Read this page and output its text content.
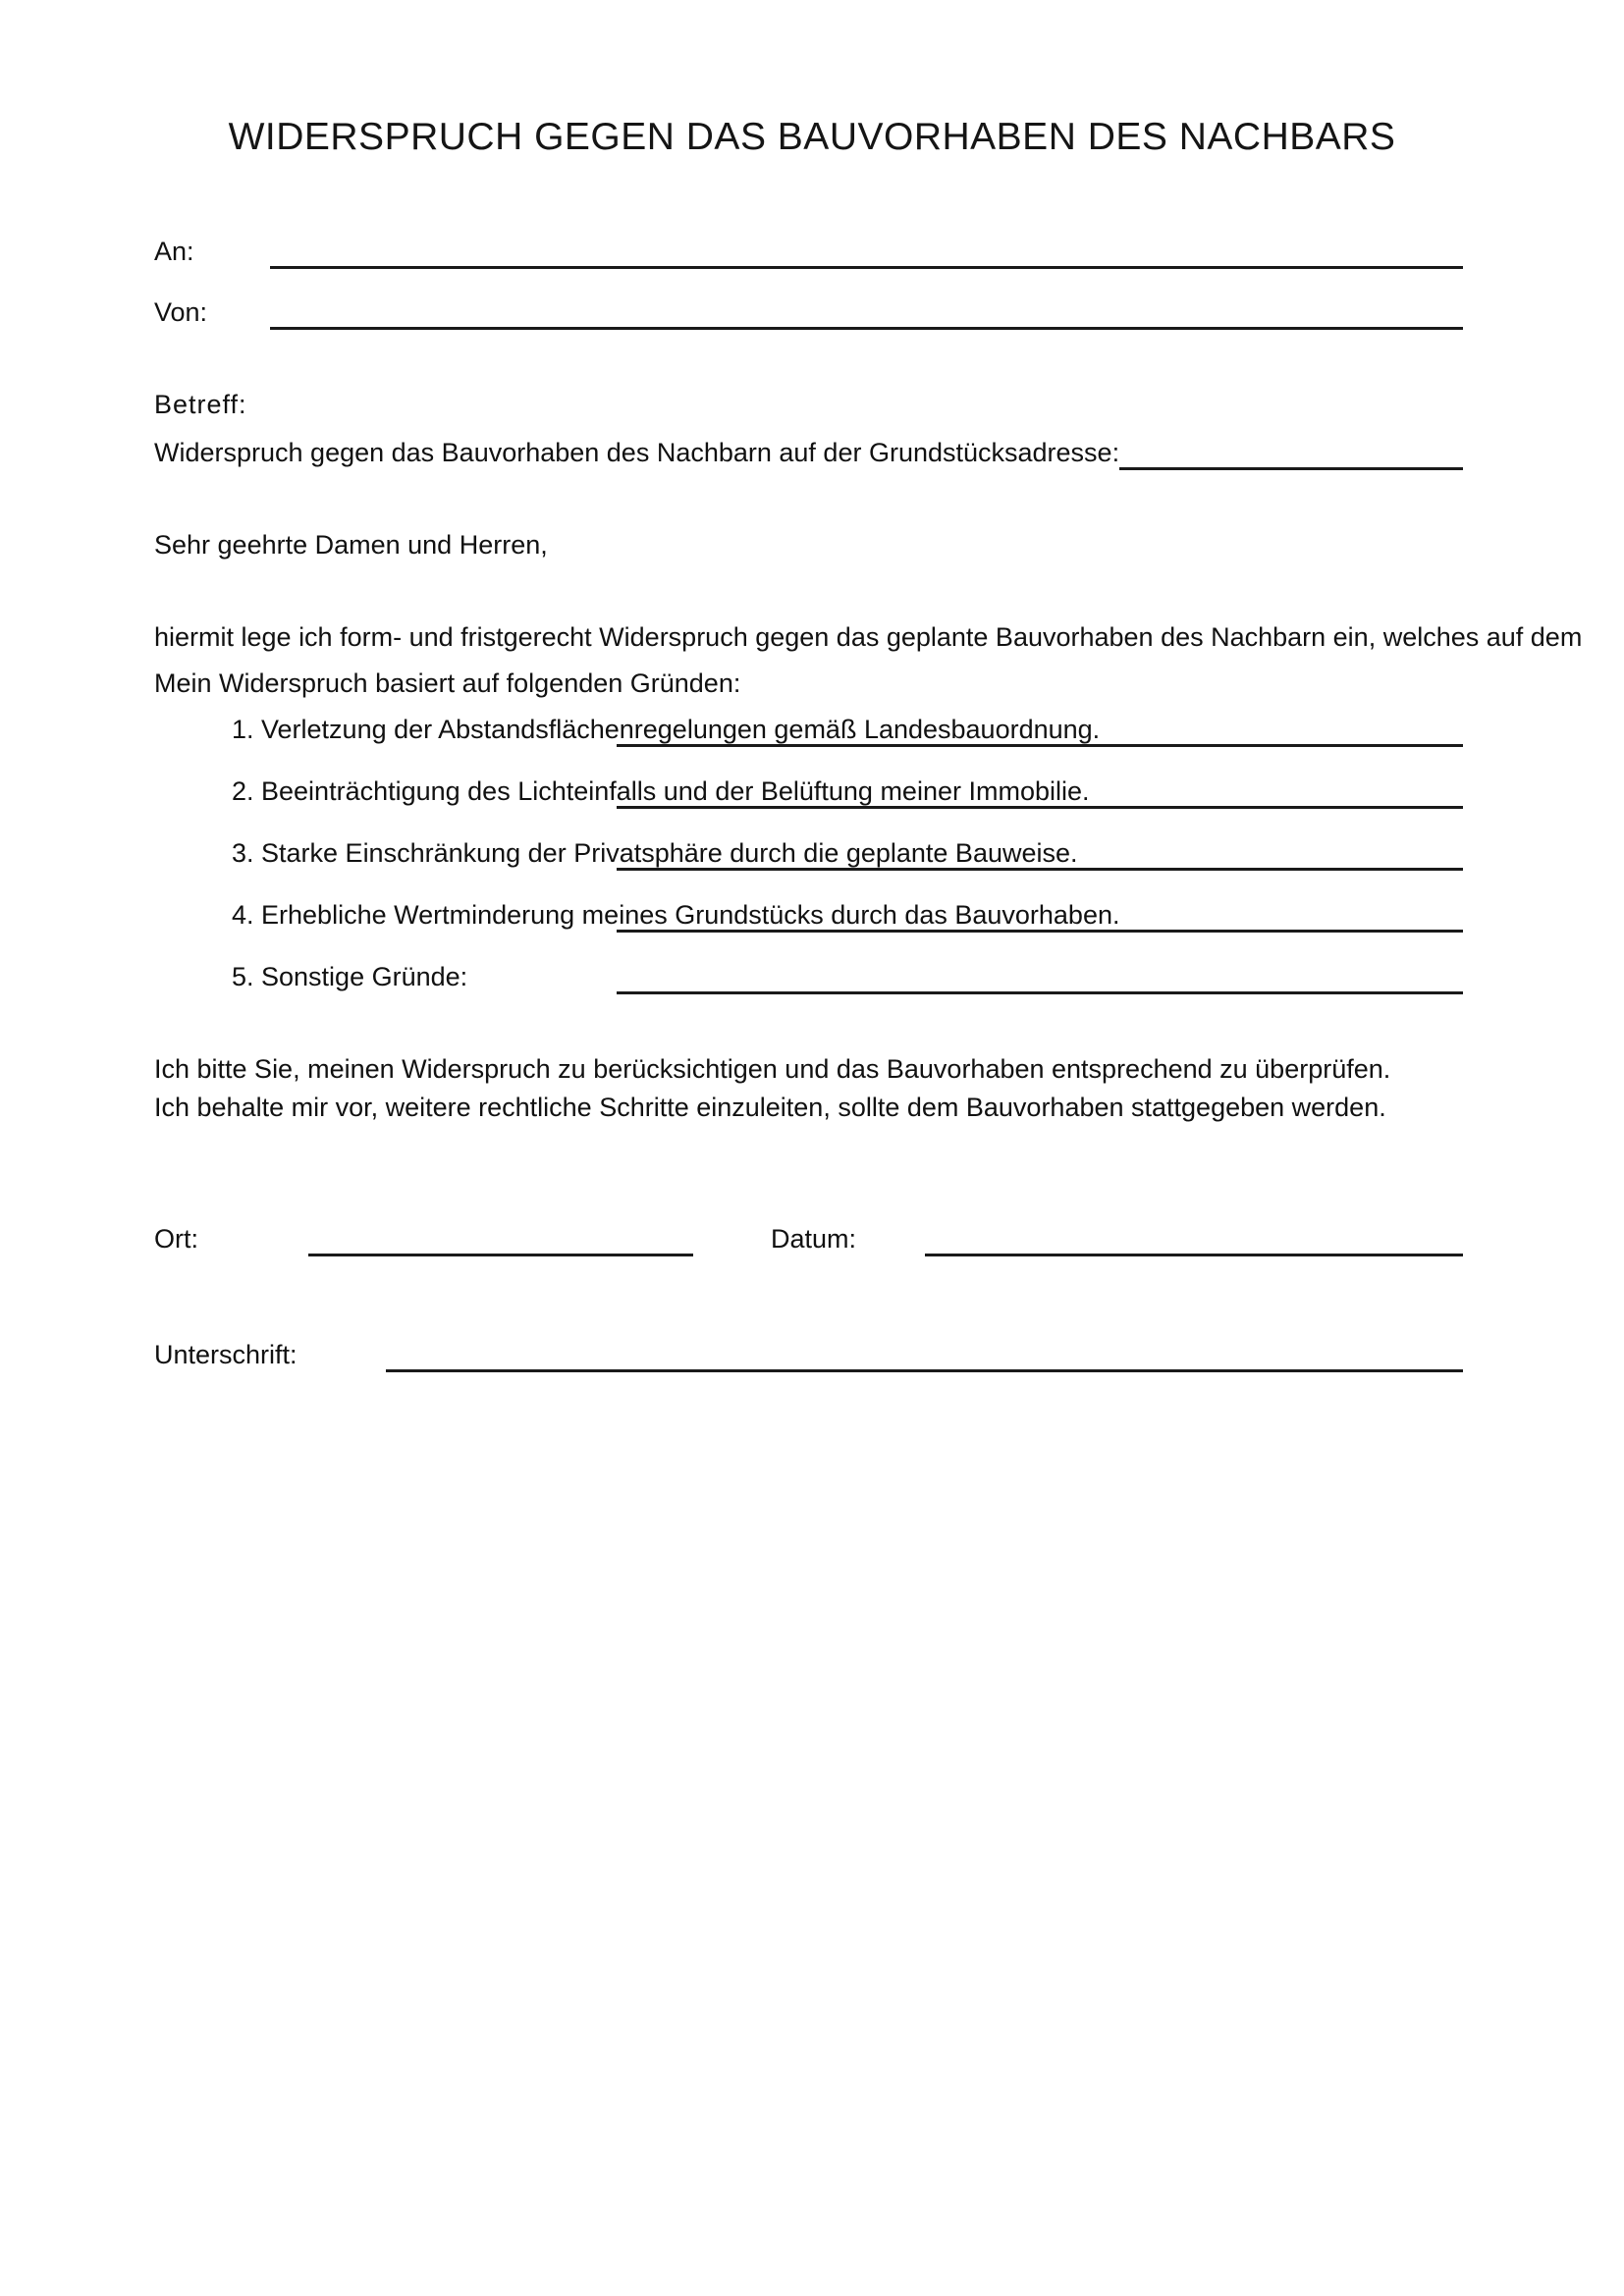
WIDERSPRUCH GEGEN DAS BAUVORHABEN DES NACHBARS
An:
Von:
Betreff:
Widerspruch gegen das Bauvorhaben des Nachbarn auf der Grundstücksadresse:
Sehr geehrte Damen und Herren,
hiermit lege ich form- und fristgerecht Widerspruch gegen das geplante Bauvorhaben des Nachbarn ein, welches auf dem
Mein Widerspruch basiert auf folgenden Gründen:
1. Verletzung der Abstandsflächenregelungen gemäß Landesbauordnung.
2. Beeinträchtigung des Lichteinfalls und der Belüftung meiner Immobilie.
3. Starke Einschränkung der Privatsphäre durch die geplante Bauweise.
4. Erhebliche Wertminderung meines Grundstücks durch das Bauvorhaben.
5. Sonstige Gründe:
Ich bitte Sie, meinen Widerspruch zu berücksichtigen und das Bauvorhaben entsprechend zu überprüfen.
Ich behalte mir vor, weitere rechtliche Schritte einzuleiten, sollte dem Bauvorhaben stattgegeben werden.
Ort:	Datum:
Unterschrift:
